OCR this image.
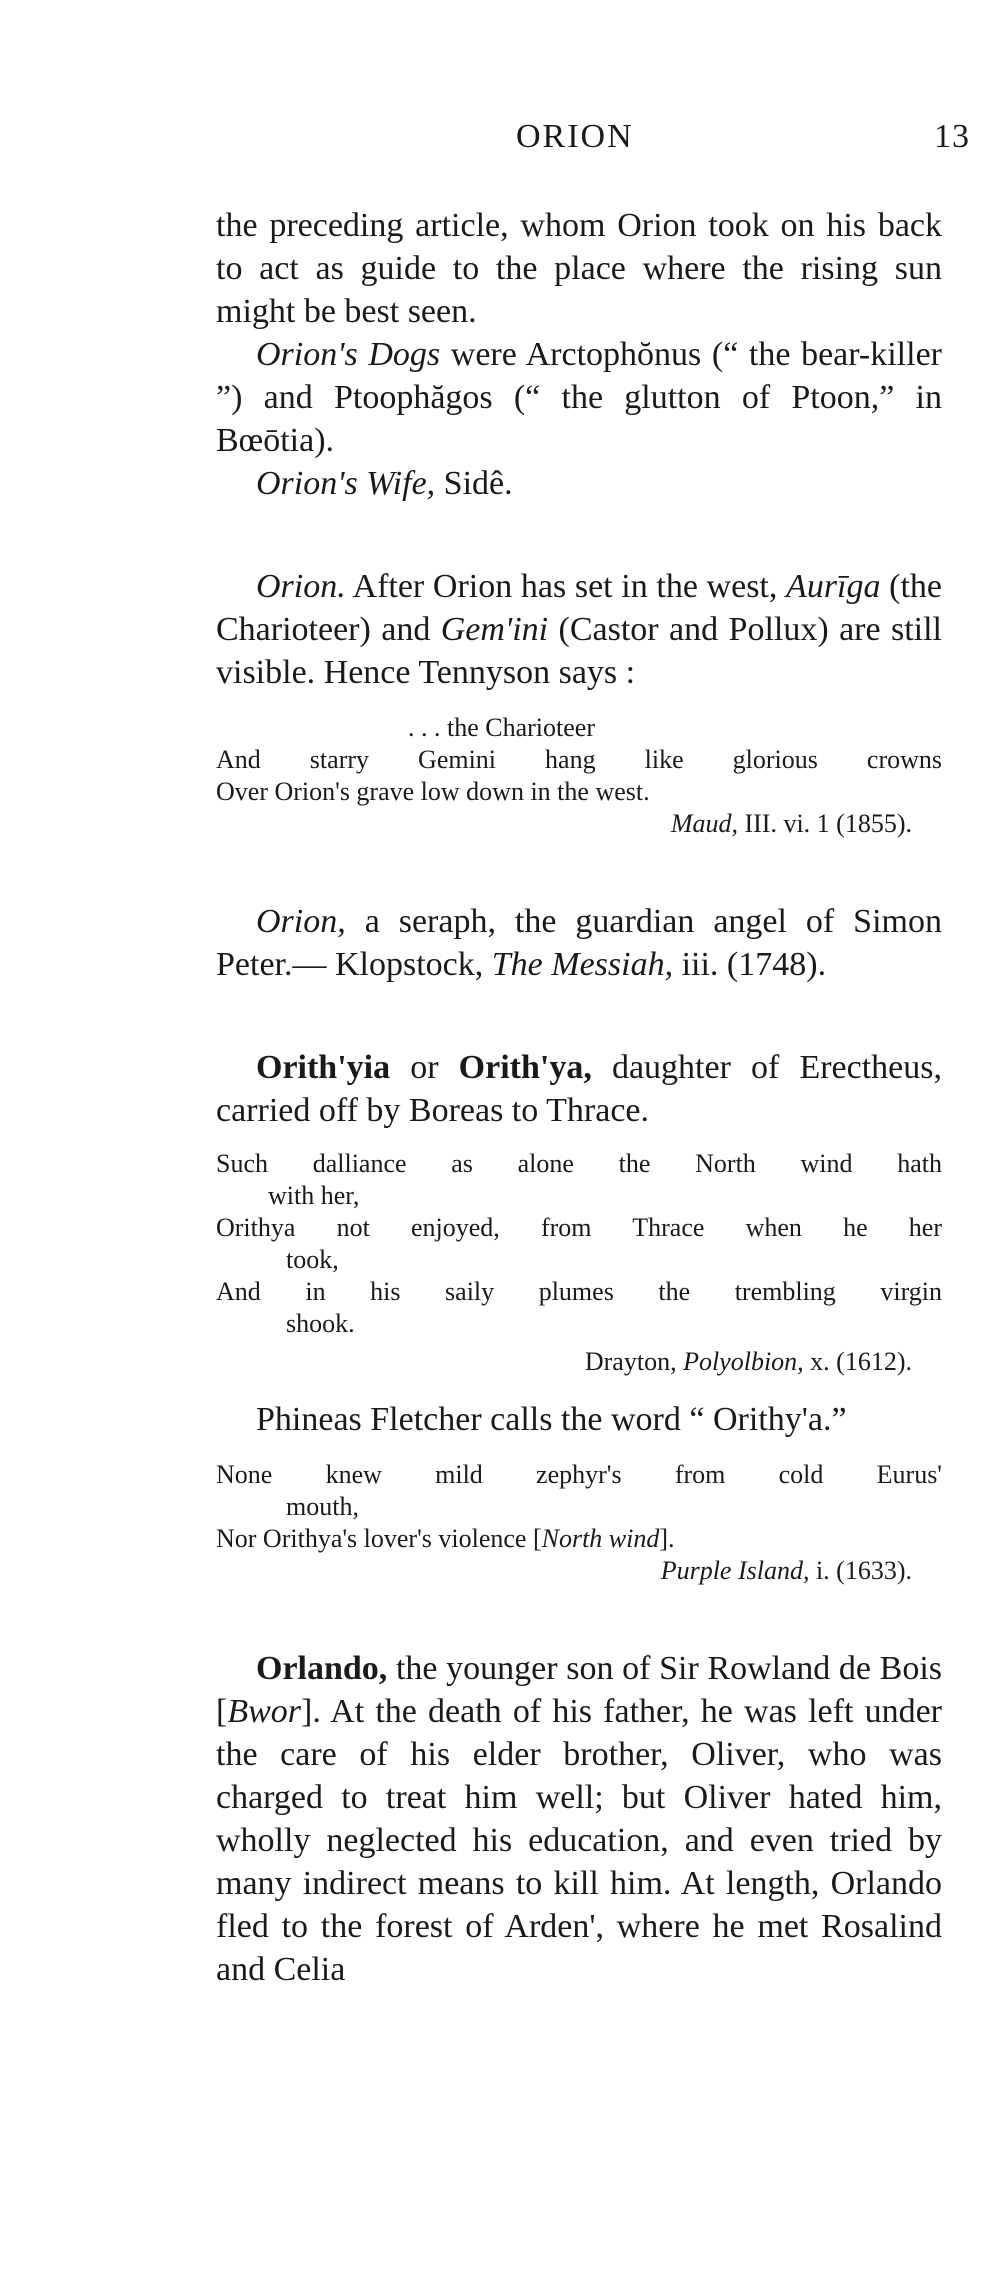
ORION	13

the preceding article, whom Orion took on his back to act as guide to the place where the rising sun might be best seen.

Orion's Dogs were Arctophŏnus (“ the bear-killer ”) and Ptoophăgos (“ the glutton of Ptoon,” in Bœōtia).

Orion's Wife, Sidê.

Orion. After Orion has set in the west, Aurīga (the Charioteer) and Gem'ini (Castor and Pollux) are still visible. Hence Tennyson says :

. . . the Charioteer
And starry Gemini hang like glorious crowns
Over Orion's grave low down in the west.
Maud, III. vi. 1 (1855).

Orion, a seraph, the guardian angel of Simon Peter.— Klopstock, The Messiah, iii. (1748).

Orith'yia or Orith'ya, daughter of Erectheus, carried off by Boreas to Thrace.

Such dalliance as alone the North wind hath
with her,
Orithya not enjoyed, from Thrace when he her
took,
And in his saily plumes the trembling virgin
shook.
Drayton, Polyolbion, x. (1612).

Phineas Fletcher calls the word “ Orithy'a.”

None knew mild zephyr's from cold Eurus'
mouth,
Nor Orithya's lover's violence [North wind].
Purple Island, i. (1633).

Orlando, the younger son of Sir Rowland de Bois [Bwor]. At the death of his father, he was left under the care of his elder brother, Oliver, who was charged to treat him well; but Oliver hated him, wholly neglected his education, and even tried by many indirect means to kill him. At length, Orlando fled to the forest of Arden', where he met Rosalind and Celia
